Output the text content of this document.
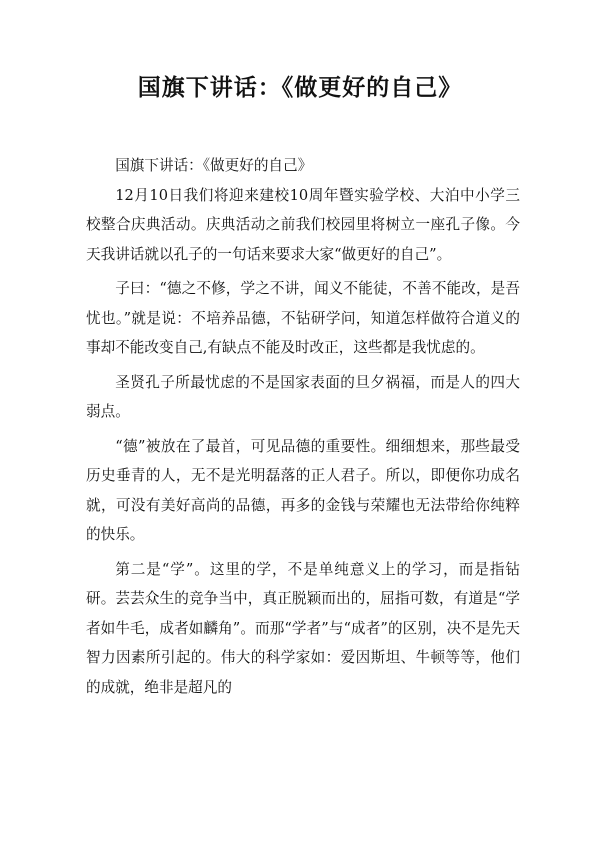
国旗下讲话：《做更好的自己》

国旗下讲话：《做更好的自己》

12月10日我们将迎来建校10周年暨实验学校、大泊中小学三校整合庆典活动。庆典活动之前我们校园里将树立一座孔子像。今天我讲话就以孔子的一句话来要求大家“做更好的自己”。

子曰：“德之不修，学之不讲，闻义不能徒，不善不能改，是吾忧也。”就是说：不培养品德，不钻研学问，知道怎样做符合道义的事却不能改变自己,有缺点不能及时改正，这些都是我忧虑的。

圣贤孔子所最忧虑的不是国家表面的旦夕祸福，而是人的四大弱点。

“德”被放在了最首，可见品德的重要性。细细想来，那些最受历史垂青的人，无不是光明磊落的正人君子。所以，即便你功成名就，可没有美好高尚的品德，再多的金钱与荣耀也无法带给你纯粹的快乐。

第二是“学”。这里的学，不是单纯意义上的学习，而是指钻研。芸芸众生的竞争当中，真正脱颖而出的，屈指可数，有道是“学者如牛毛，成者如麟角”。而那“学者”与“成者”的区别，决不是先天智力因素所引起的。伟大的科学家如：爱因斯坦、牛顿等等，他们的成就，绝非是超凡的
